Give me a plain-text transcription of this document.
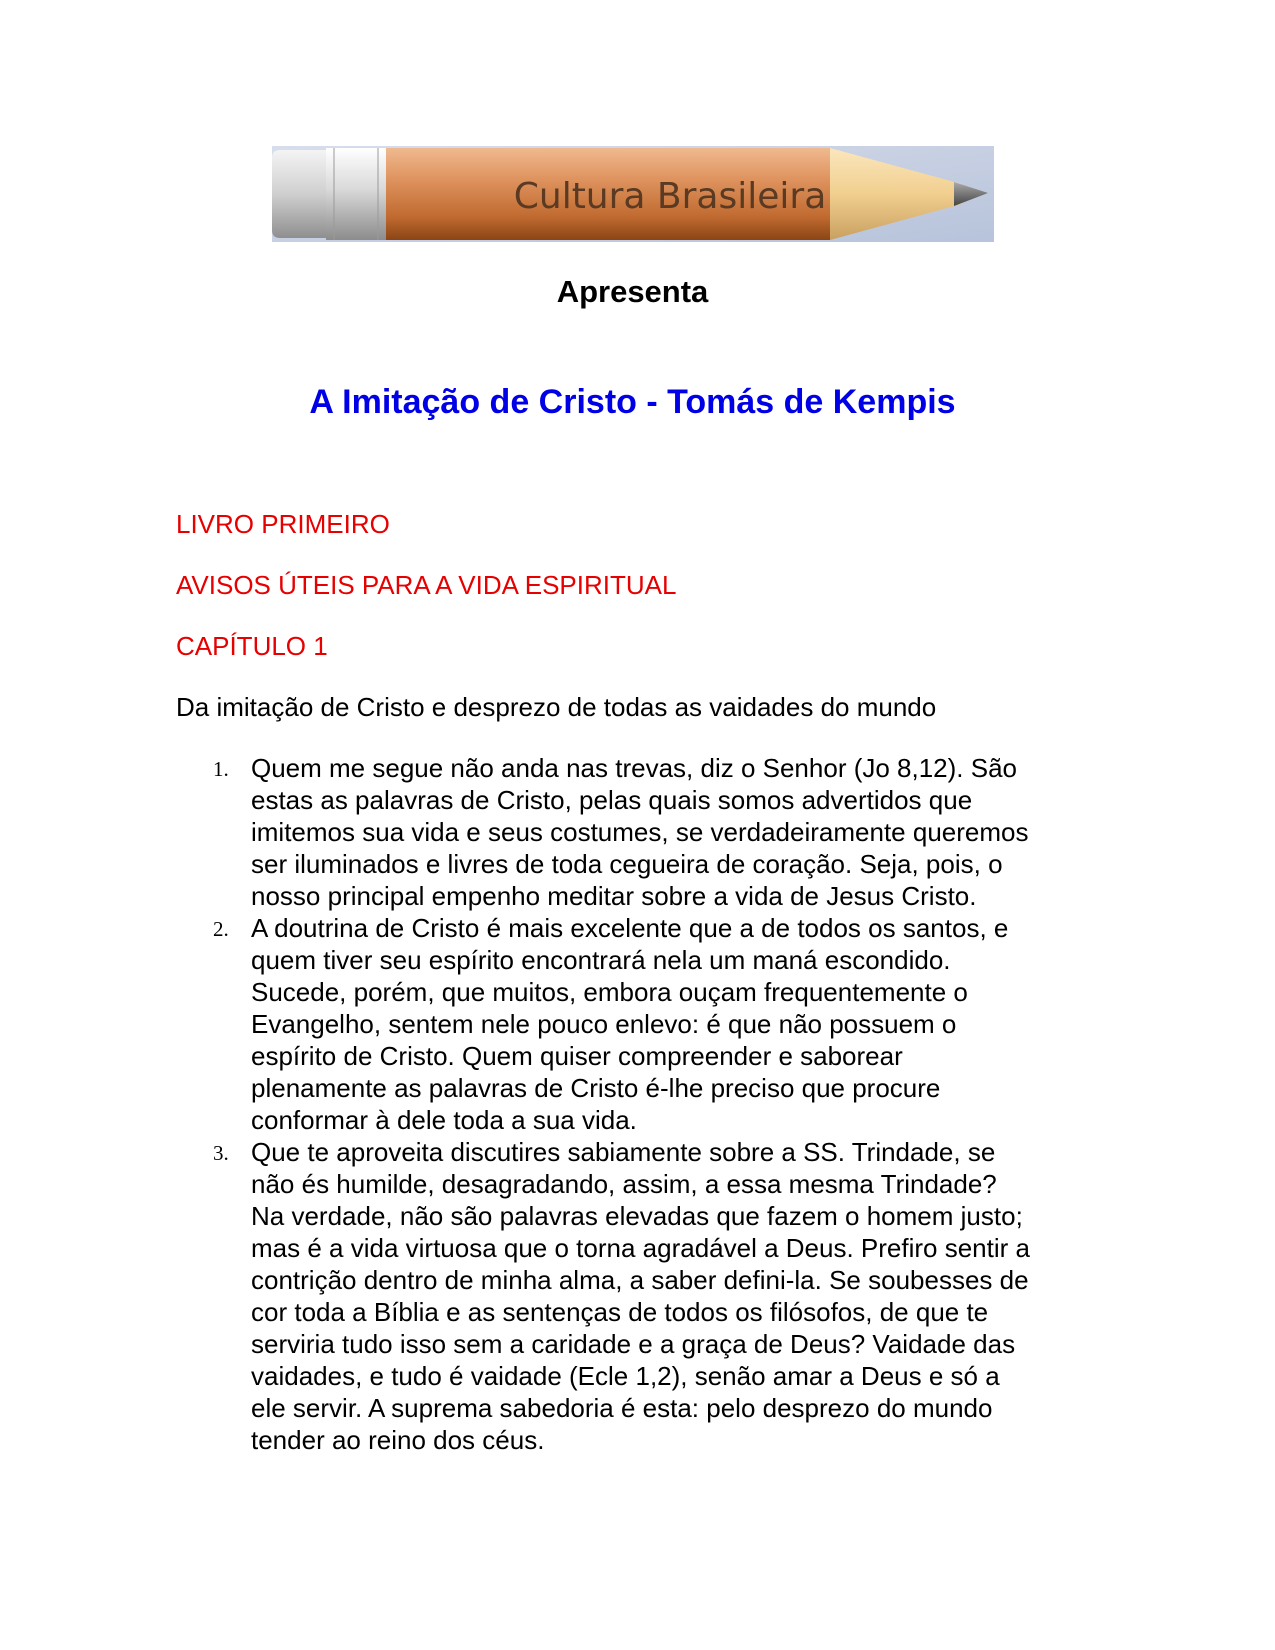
Cultura Brasileira
Apresenta
A Imitação de Cristo - Tomás de Kempis
LIVRO PRIMEIRO
AVISOS ÚTEIS PARA A VIDA ESPIRITUAL
CAPÍTULO 1
Da imitação de Cristo e desprezo de todas as vaidades do mundo
1. Quem me segue não anda nas trevas, diz o Senhor (Jo 8,12). São
estas as palavras de Cristo, pelas quais somos advertidos que
imitemos sua vida e seus costumes, se verdadeiramente queremos
ser iluminados e livres de toda cegueira de coração. Seja, pois, o
nosso principal empenho meditar sobre a vida de Jesus Cristo.
2. A doutrina de Cristo é mais excelente que a de todos os santos, e
quem tiver seu espírito encontrará nela um maná escondido.
Sucede, porém, que muitos, embora ouçam frequentemente o
Evangelho, sentem nele pouco enlevo: é que não possuem o
espírito de Cristo. Quem quiser compreender e saborear
plenamente as palavras de Cristo é-lhe preciso que procure
conformar à dele toda a sua vida.
3. Que te aproveita discutires sabiamente sobre a SS. Trindade, se
não és humilde, desagradando, assim, a essa mesma Trindade?
Na verdade, não são palavras elevadas que fazem o homem justo;
mas é a vida virtuosa que o torna agradável a Deus. Prefiro sentir a
contrição dentro de minha alma, a saber defini-la. Se soubesses de
cor toda a Bíblia e as sentenças de todos os filósofos, de que te
serviria tudo isso sem a caridade e a graça de Deus? Vaidade das
vaidades, e tudo é vaidade (Ecle 1,2), senão amar a Deus e só a
ele servir. A suprema sabedoria é esta: pelo desprezo do mundo
tender ao reino dos céus.
